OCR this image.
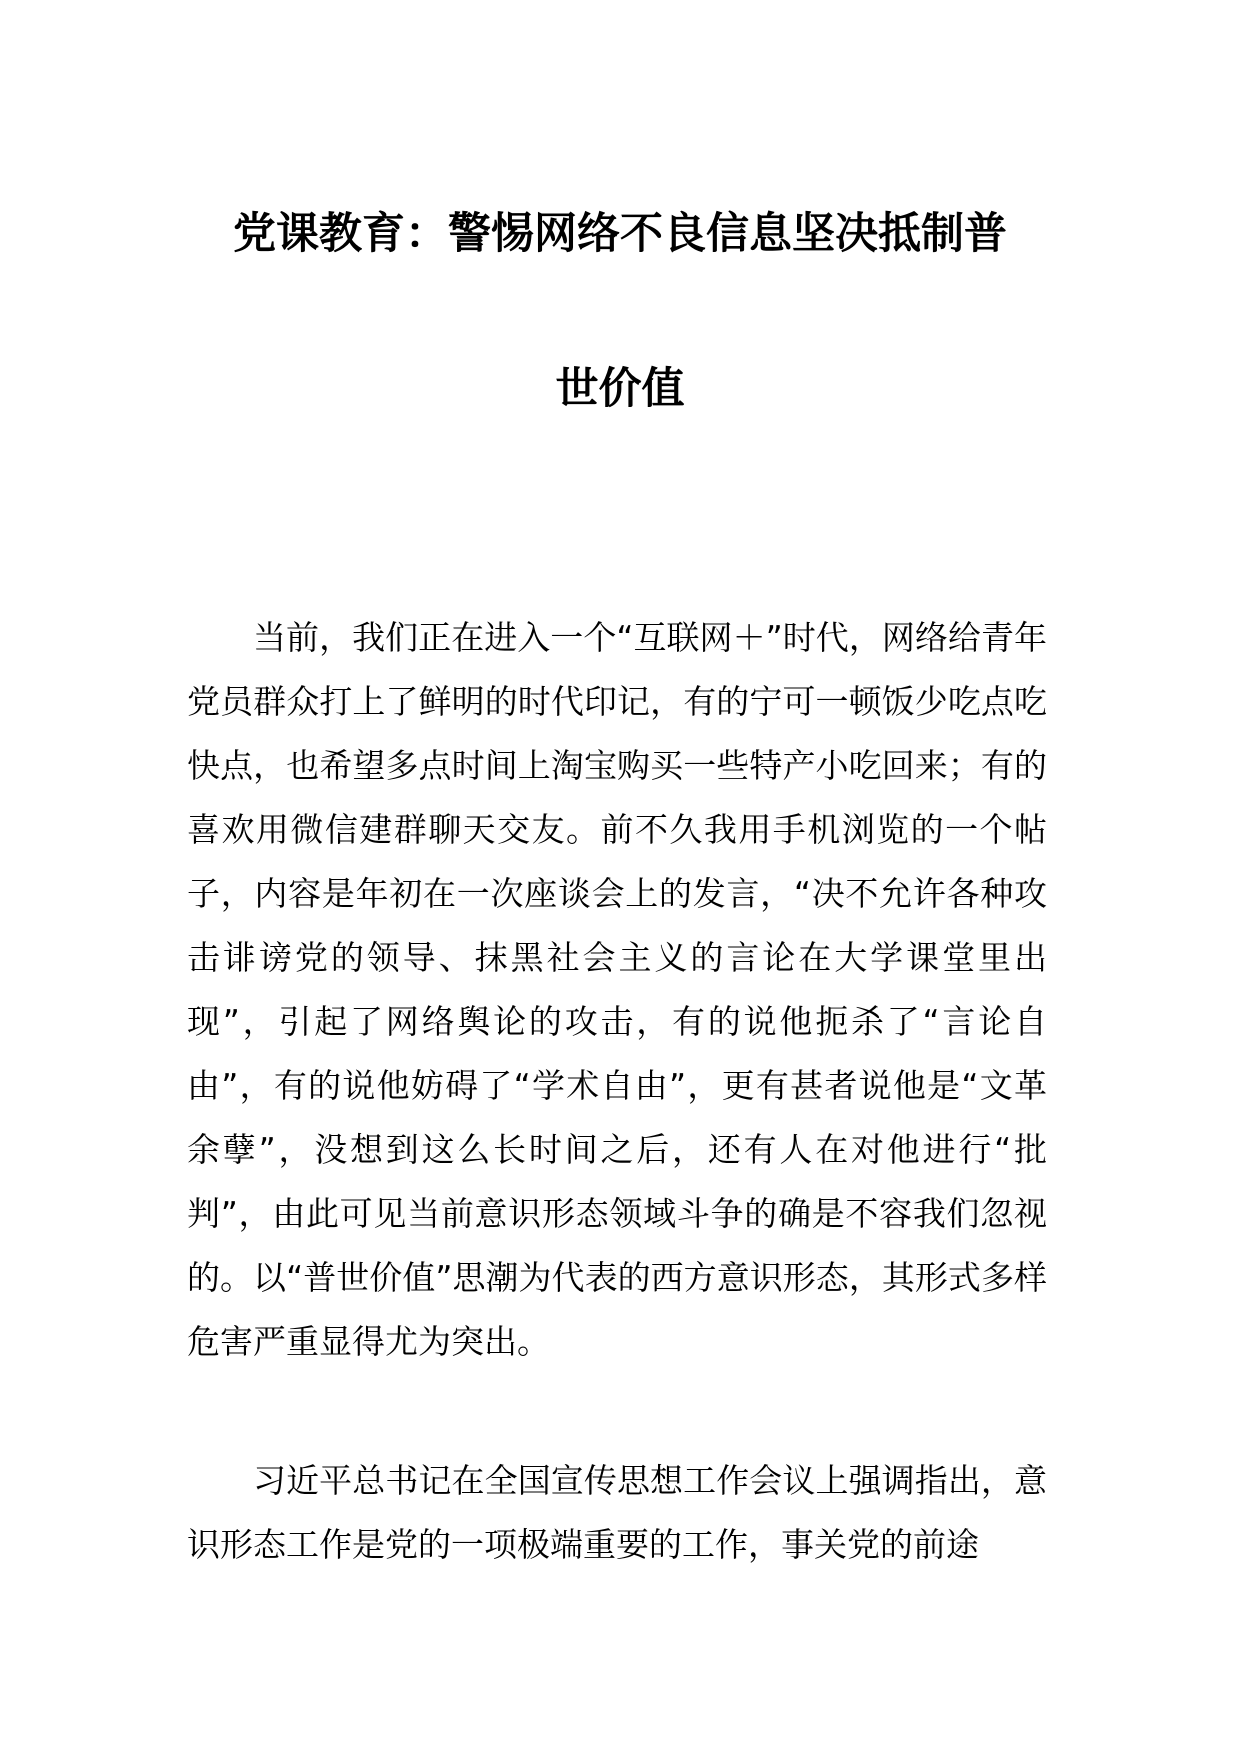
党课教育：警惕网络不良信息坚决抵制普
世价值

当前，我们正在进入一个“互联网＋”时代，网络给青年党员群众打上了鲜明的时代印记，有的宁可一顿饭少吃点吃快点，也希望多点时间上淘宝购买一些特产小吃回来；有的喜欢用微信建群聊天交友。前不久我用手机浏览的一个帖子，内容是年初在一次座谈会上的发言，“决不允许各种攻击诽谤党的领导、抹黑社会主义的言论在大学课堂里出现”，引起了网络舆论的攻击，有的说他扼杀了“言论自由”，有的说他妨碍了“学术自由”，更有甚者说他是“文革余孽”，没想到这么长时间之后，还有人在对他进行“批判”，由此可见当前意识形态领域斗争的确是不容我们忽视的。以“普世价值”思潮为代表的西方意识形态，其形式多样危害严重显得尤为突出。

习近平总书记在全国宣传思想工作会议上强调指出，意识形态工作是党的一项极端重要的工作，事关党的前途
